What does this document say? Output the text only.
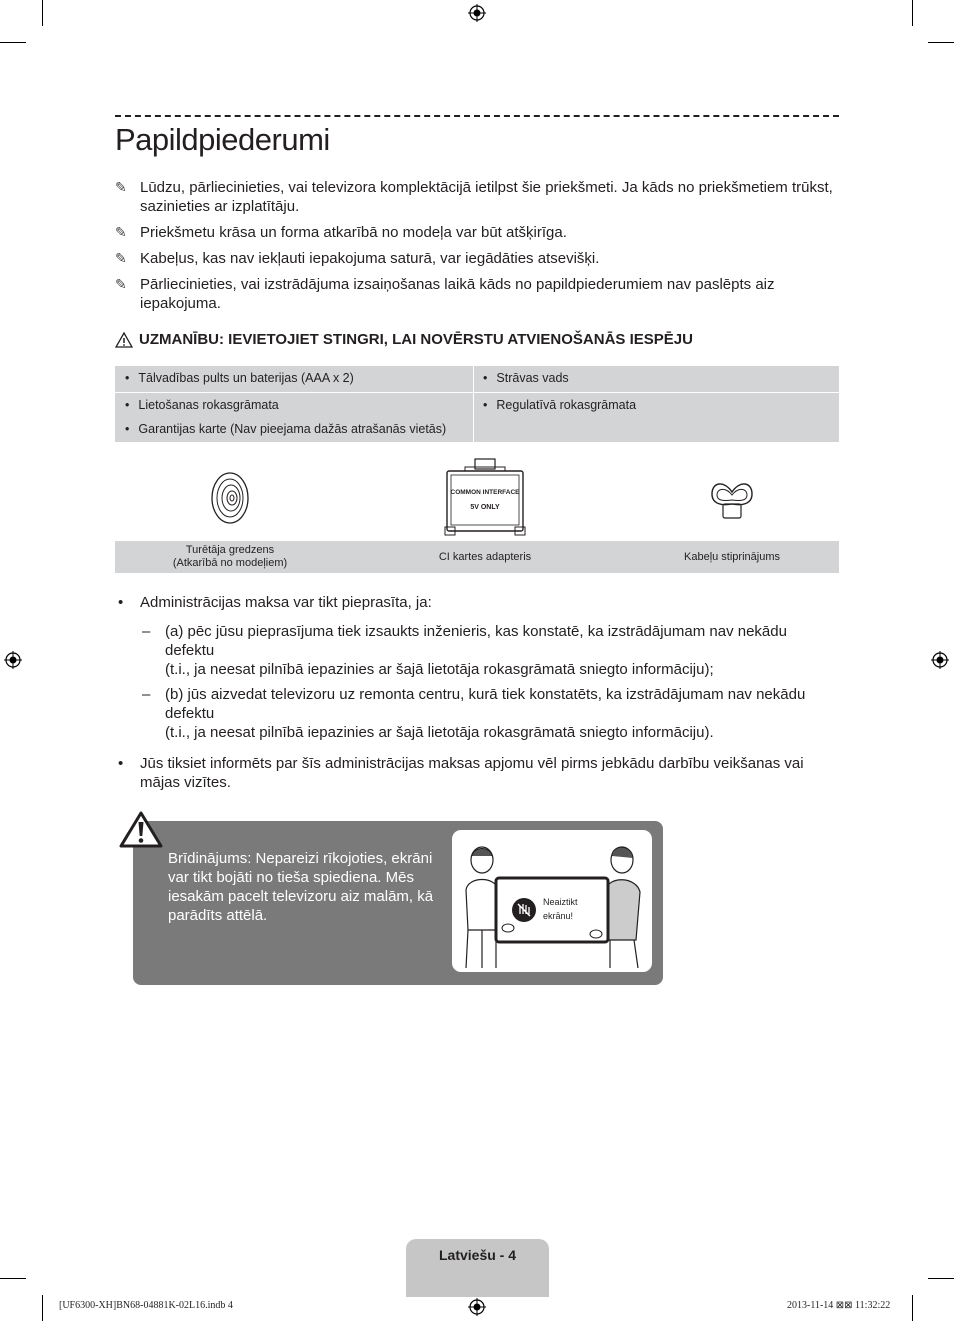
Papildpiederumi
✎ Lūdzu, pārliecinieties, vai televizora komplektācijā ietilpst šie priekšmeti. Ja kāds no priekšmetiem trūkst, sazinieties ar izplatītāju.
✎ Priekšmetu krāsa un forma atkarībā no modeļa var būt atšķirīga.
✎ Kabeļus, kas nav iekļauti iepakojuma saturā, var iegādāties atsevišķi.
✎ Pārliecinieties, vai izstrādājuma izsaiņošanas laikā kāds no papildpiederumiem nav paslēpts aiz iepakojuma.
UZMANĪBU: IEVIETOJIET STINGRI, LAI NOVĒRSTU ATVIENOŠANĀS IESPĒJU
• Tālvadības pults un baterijas (AAA x 2)
• Lietošanas rokasgrāmata
• Garantijas karte (Nav pieejama dažās atrašanās vietās)
• Strāvas vads
• Regulatīvā rokasgrāmata
COMMON INTERFACE
5V ONLY
Turētāja gredzens
(Atkarībā no modeļiem)
CI kartes adapteris	Kabeļu stiprinājums
• Administrācijas maksa var tikt pieprasīta, ja:
– (a) pēc jūsu pieprasījuma tiek izsaukts inženieris, kas konstatē, ka izstrādājumam nav nekādu defektu
(t.i., ja neesat pilnībā iepazinies ar šajā lietotāja rokasgrāmatā sniegto informāciju);
– (b) jūs aizvedat televizoru uz remonta centru, kurā tiek konstatēts, ka izstrādājumam nav nekādu defektu
(t.i., ja neesat pilnībā iepazinies ar šajā lietotāja rokasgrāmatā sniegto informāciju).
• Jūs tiksiet informēts par šīs administrācijas maksas apjomu vēl pirms jebkādu darbību veikšanas vai mājas vizītes.
Brīdinājums: Nepareizi rīkojoties, ekrāni var tikt bojāti no tieša spiediena. Mēs iesakām pacelt televizoru aiz malām, kā parādīts attēlā.
Neaiztikt
ekrānu!
Latviešu - 4
[UF6300-XH]BN68-04881K-02L16.indb 4	2013-11-14 ⊠⊠ 11:32:22
